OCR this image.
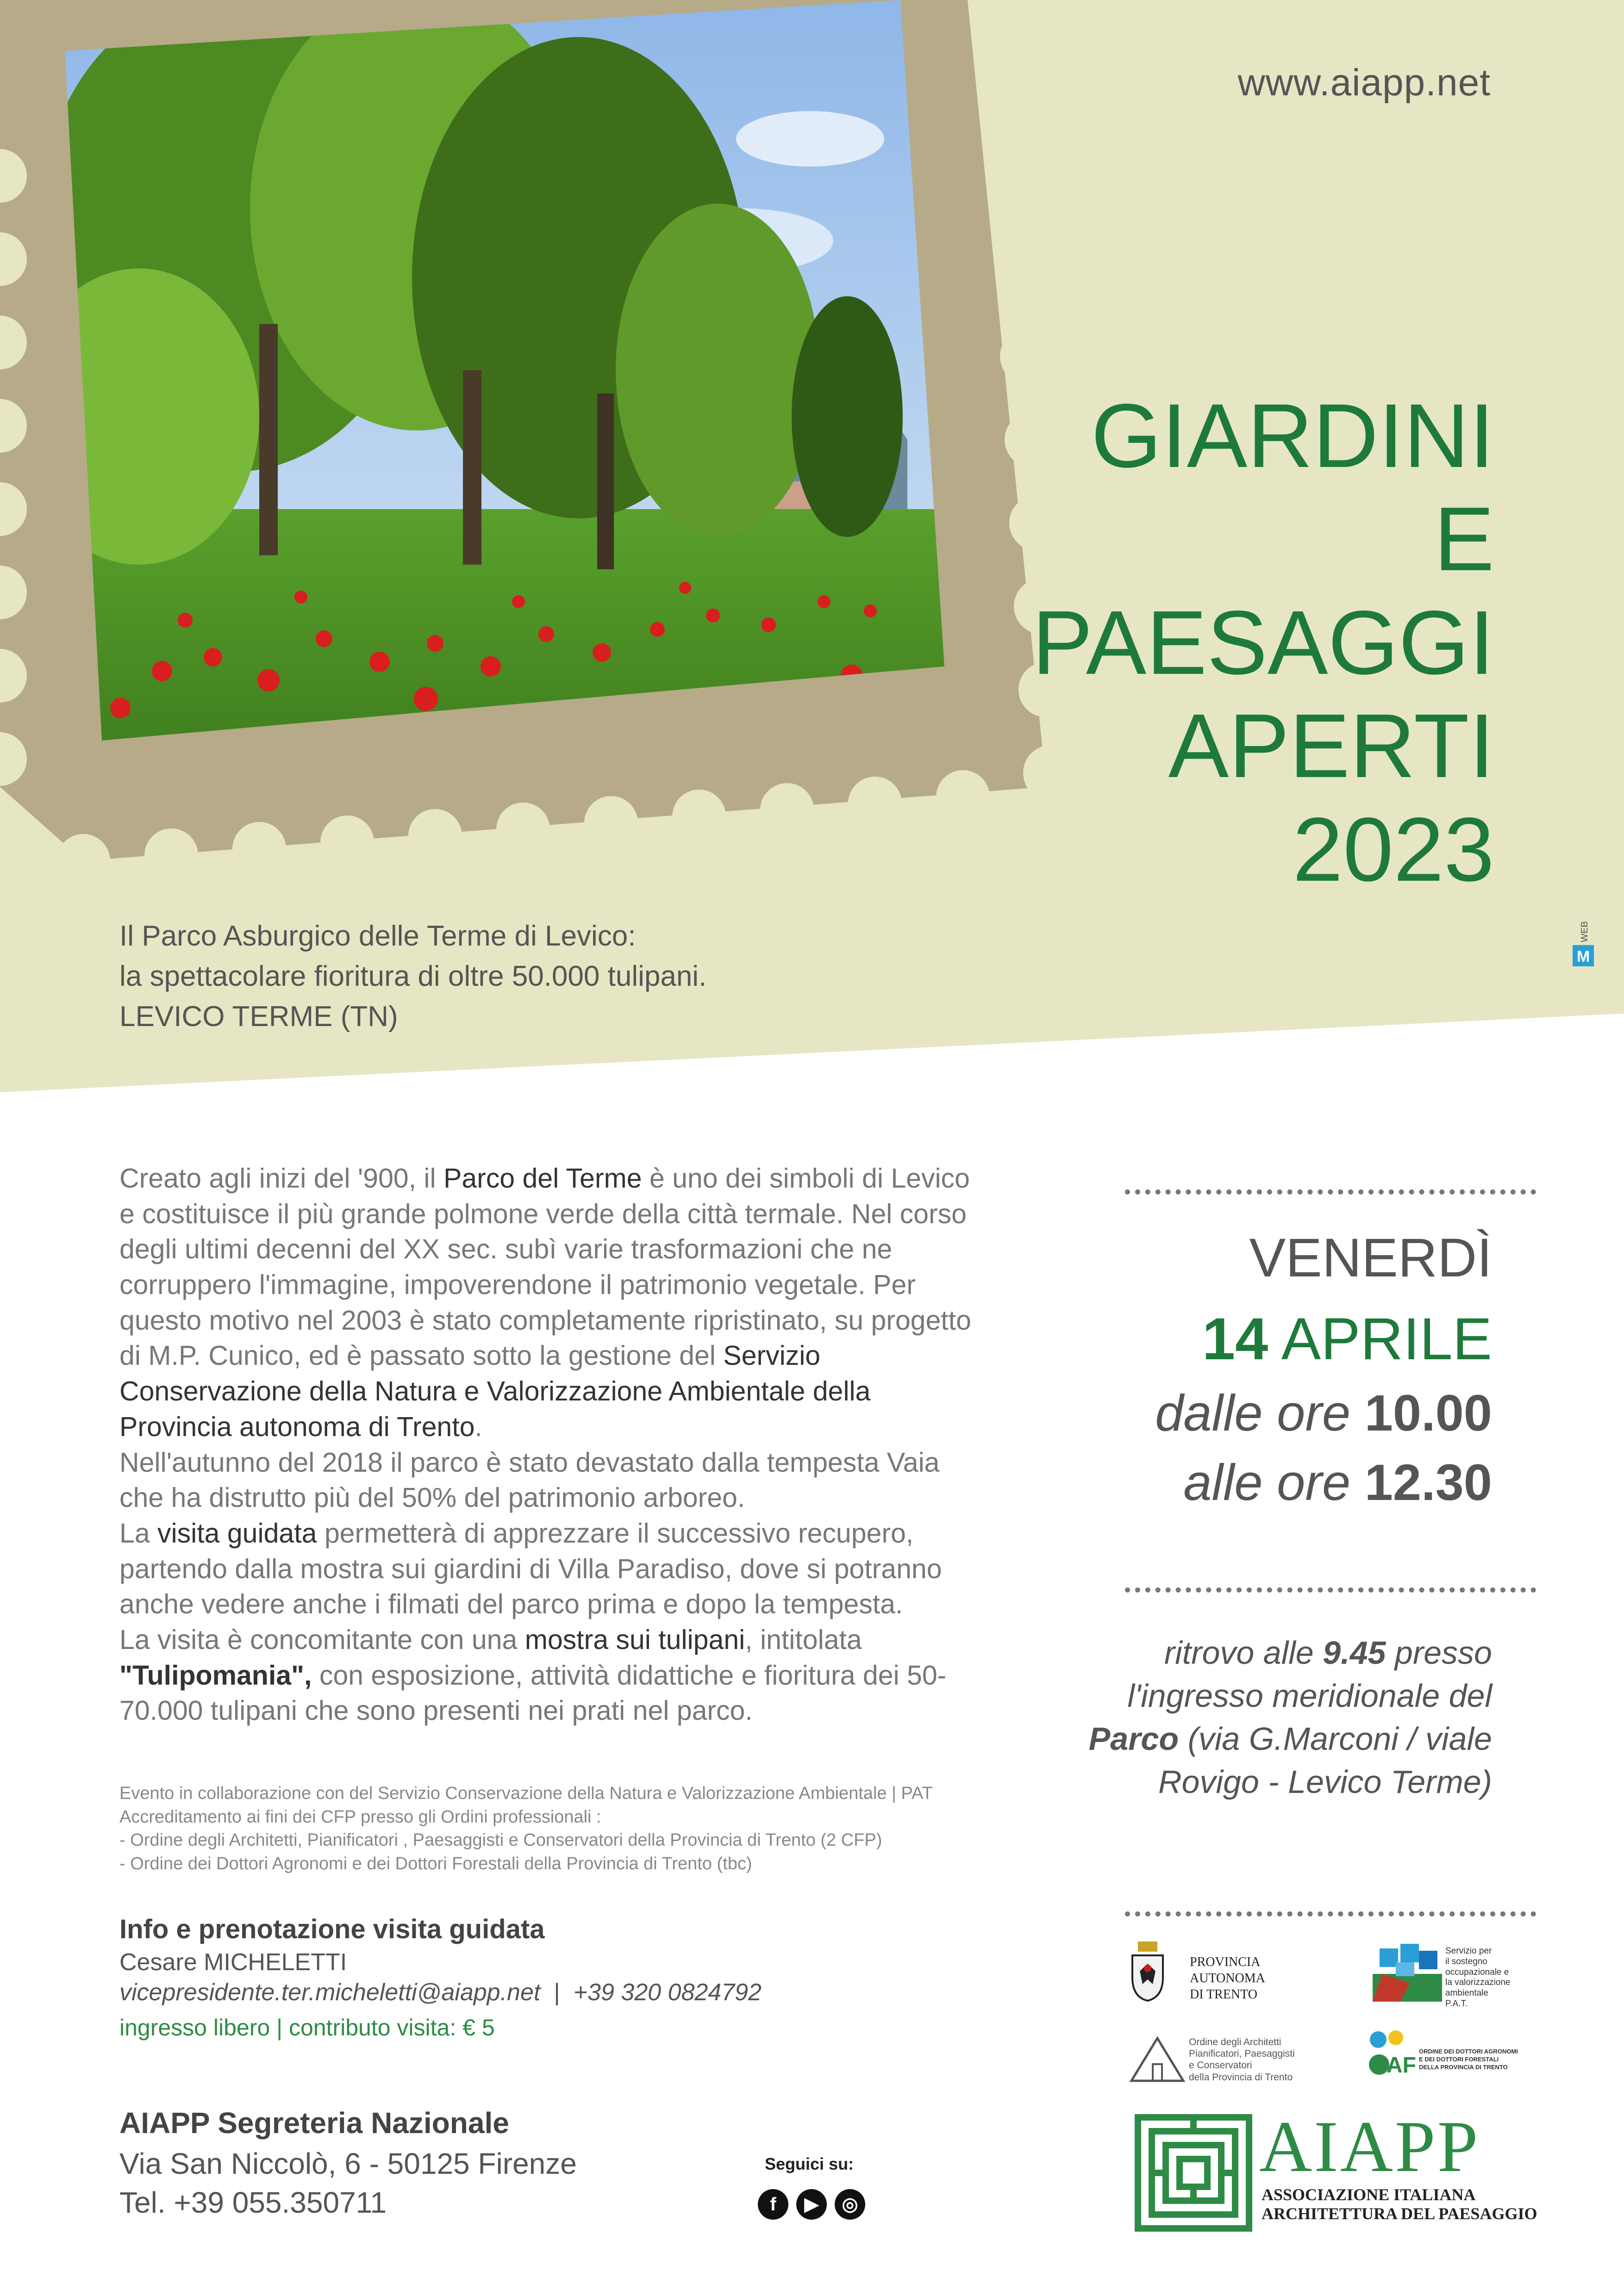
www.aiapp.net
GIARDINI
E
PAESAGGI
APERTI
2023
Il Parco Asburgico delle Terme di Levico:
la spettacolare fioritura di oltre 50.000 tulipani.
LEVICO TERME (TN)
M
WEB

Creato agli inizi del '900, il Parco del Terme è uno dei simboli di Levico e costituisce il più grande polmone verde della città termale. Nel corso degli ultimi decenni del XX sec. subì varie trasformazioni che ne corruppero l'immagine, impoverendone il patrimonio vegetale. Per questo motivo nel 2003 è stato completamente ripristinato, su progetto di M.P. Cunico, ed è passato sotto la gestione del Servizio Conservazione della Natura e Valorizzazione Ambientale della Provincia autonoma di Trento.

Nell'autunno del 2018 il parco è stato devastato dalla tempesta Vaia che ha distrutto più del 50% del patrimonio arboreo.

La visita guidata permetterà di apprezzare il successivo recupero, partendo dalla mostra sui giardini di Villa Paradiso, dove si potranno anche vedere anche i filmati del parco prima e dopo la tempesta.

La visita è concomitante con una mostra sui tulipani, intitolata "Tulipomania", con esposizione, attività didattiche e fioritura dei 50-70.000 tulipani che sono presenti nei prati nel parco.

Evento in collaborazione con del Servizio Conservazione della Natura e Valorizzazione Ambientale | PAT
Accreditamento ai fini dei CFP presso gli Ordini professionali :
- Ordine degli Architetti, Pianificatori , Paesaggisti e Conservatori della Provincia di Trento (2 CFP)
- Ordine dei Dottori Agronomi e dei Dottori Forestali della Provincia di Trento (tbc)
Info e prenotazione visita guidata
Cesare MICHELETTI
vicepresidente.ter.micheletti@aiapp.net | +39 320 0824792
ingresso libero | contributo visita: € 5
AIAPP Segreteria Nazionale
Via San Niccolò, 6 - 50125 Firenze
Tel. +39 055.350711
Seguici su:
f	▶	◎
VENERDÌ
14 APRILE
dalle ore 10.00
alle ore 12.30
ritrovo alle 9.45 presso l'ingresso meridionale del Parco (via G.Marconi / viale Rovigo - Levico Terme)
PROVINCIA
AUTONOMA
DI TRENTO
Servizio per
il sostegno
occupazionale e
la valorizzazione
ambientale
P.A.T.
Ordine degli Architetti
Pianificatori, Paesaggisti
e Conservatori
della Provincia di Trento	AF
ORDINE DEI DOTTORI AGRONOMI
E DEI DOTTORI FORESTALI
DELLA PROVINCIA DI TRENTO
AIAPP
ASSOCIAZIONE ITALIANA
ARCHITETTURA DEL PAESAGGIO
